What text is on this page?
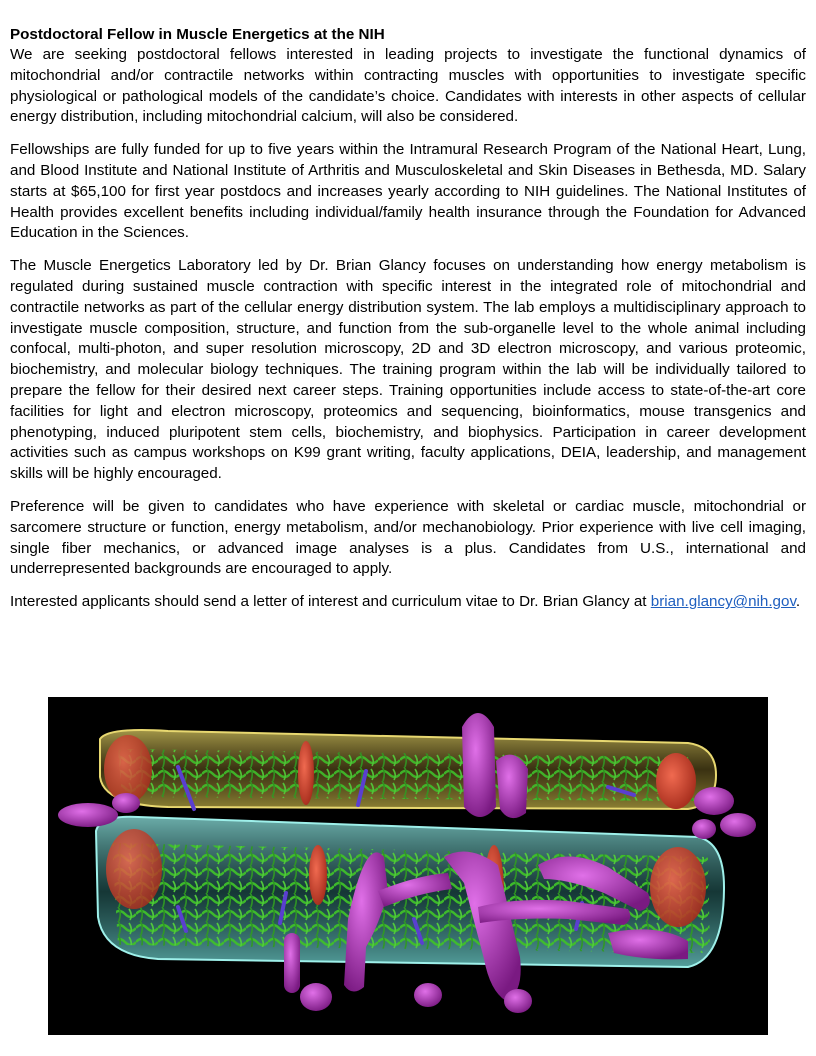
Postdoctoral Fellow in Muscle Energetics at the NIH

We are seeking postdoctoral fellows interested in leading projects to investigate the functional dynamics of mitochondrial and/or contractile networks within contracting muscles with opportunities to investigate specific physiological or pathological models of the candidate’s choice. Candidates with interests in other aspects of cellular energy distribution, including mitochondrial calcium, will also be considered.

Fellowships are fully funded for up to five years within the Intramural Research Program of the National Heart, Lung, and Blood Institute and National Institute of Arthritis and Musculoskeletal and Skin Diseases in Bethesda, MD. Salary starts at $65,100 for first year postdocs and increases yearly according to NIH guidelines. The National Institutes of Health provides excellent benefits including individual/family health insurance through the Foundation for Advanced Education in the Sciences.

The Muscle Energetics Laboratory led by Dr. Brian Glancy focuses on understanding how energy metabolism is regulated during sustained muscle contraction with specific interest in the integrated role of mitochondrial and contractile networks as part of the cellular energy distribution system. The lab employs a multidisciplinary approach to investigate muscle composition, structure, and function from the sub-organelle level to the whole animal including confocal, multi-photon, and super resolution microscopy, 2D and 3D electron microscopy, and various proteomic, biochemistry, and molecular biology techniques. The training program within the lab will be individually tailored to prepare the fellow for their desired next career steps. Training opportunities include access to state-of-the-art core facilities for light and electron microscopy, proteomics and sequencing, bioinformatics, mouse transgenics and phenotyping, induced pluripotent stem cells, biochemistry, and biophysics. Participation in career development activities such as campus workshops on K99 grant writing, faculty applications, DEIA, leadership, and management skills will be highly encouraged.

Preference will be given to candidates who have experience with skeletal or cardiac muscle, mitochondrial or sarcomere structure or function, energy metabolism, and/or mechanobiology. Prior experience with live cell imaging, single fiber mechanics, or advanced image analyses is a plus. Candidates from U.S., international and underrepresented backgrounds are encouraged to apply.

Interested applicants should send a letter of interest and curriculum vitae to Dr. Brian Glancy at brian.glancy@nih.gov.
